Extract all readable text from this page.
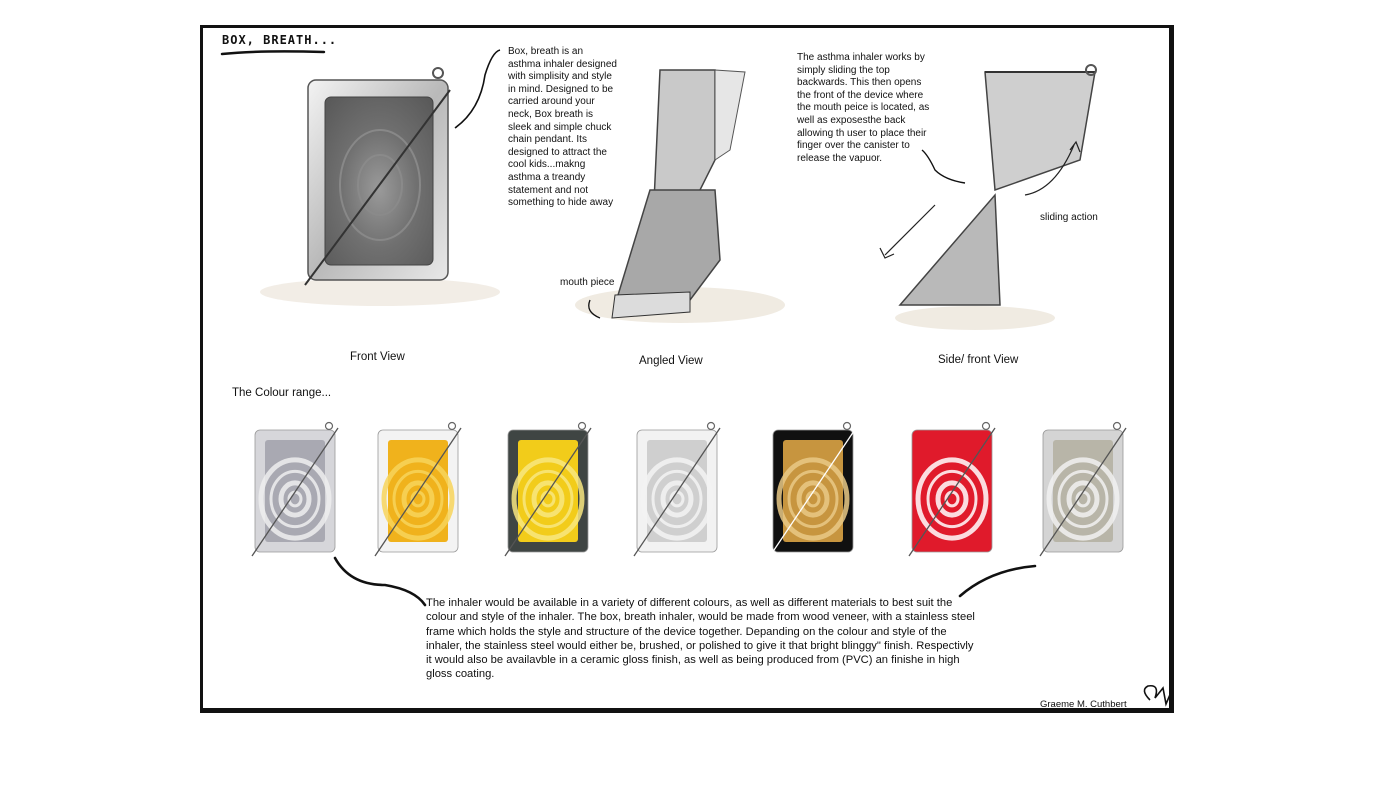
BOX, BREATH...
Box, breath is an asthma inhaler designed with simplisity and style in mind. Designed to be carried around your neck, Box breath is sleek and simple chuck chain pendant. Its designed to attract the cool kids...makng asthma a treandy statement and not something to hide away
The asthma inhaler works by simply sliding the top backwards. This then opens the front of the device where the mouth peice is located, as well as exposesthe back allowing th user to place their finger over the canister to release the vapuor.
mouth piece
sliding action
Front View	Angled View	Side/ front View
The Colour range...
The inhaler would be available in a variety of different colours, as well as different materials to best suit the colour and style of the inhaler. The box, breath inhaler, would be made from wood veneer, with a stainless steel frame which holds the style and structure of the device together. Depanding on the colour and style of the inhaler, the stainless steel would either be, brushed, or polished to give it that bright blinggy" finish. Respectivly it would also be availavble in a ceramic gloss finish, as well as being produced from (PVC) an finishe in high gloss coating.
Graeme M. Cuthbert
